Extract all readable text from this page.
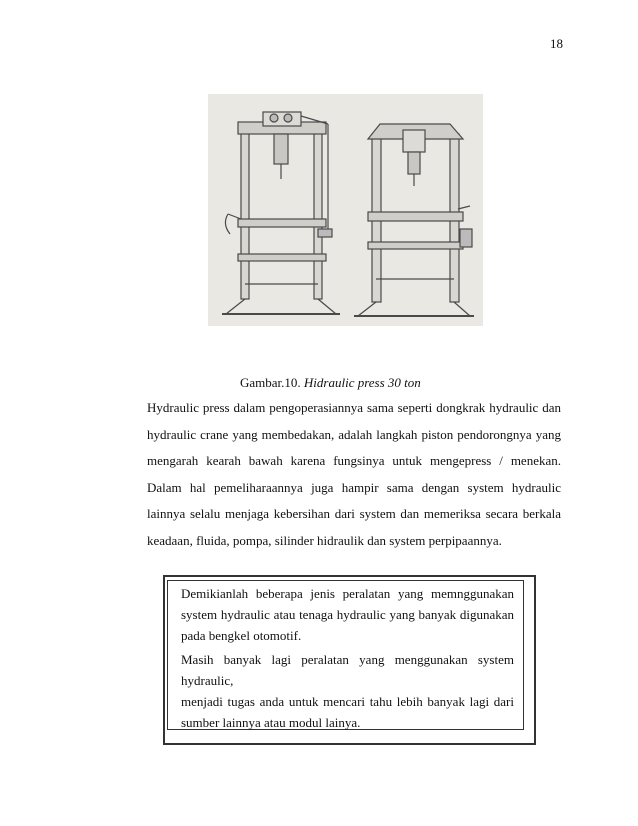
18
Gambar.10. Hidraulic press 30 ton

Hydraulic press dalam pengoperasiannya sama seperti dongkrak hydraulic dan hydraulic crane yang membedakan, adalah langkah piston pendorongnya yang mengarah kearah bawah karena fungsinya untuk mengepress / menekan. Dalam hal pemeliharaannya juga hampir sama dengan system hydraulic lainnya selalu menjaga kebersihan dari system dan memeriksa secara berkala keadaan, fluida, pompa, silinder hidraulik dan system perpipaannya.

Demikianlah beberapa jenis peralatan yang memnggunakan

system hydraulic atau tenaga hydraulic yang banyak digunakan

pada bengkel otomotif.

Masih banyak lagi peralatan yang menggunakan system hydraulic,

menjadi tugas anda untuk mencari tahu lebih banyak lagi dari

sumber lainnya atau modul lainya.
